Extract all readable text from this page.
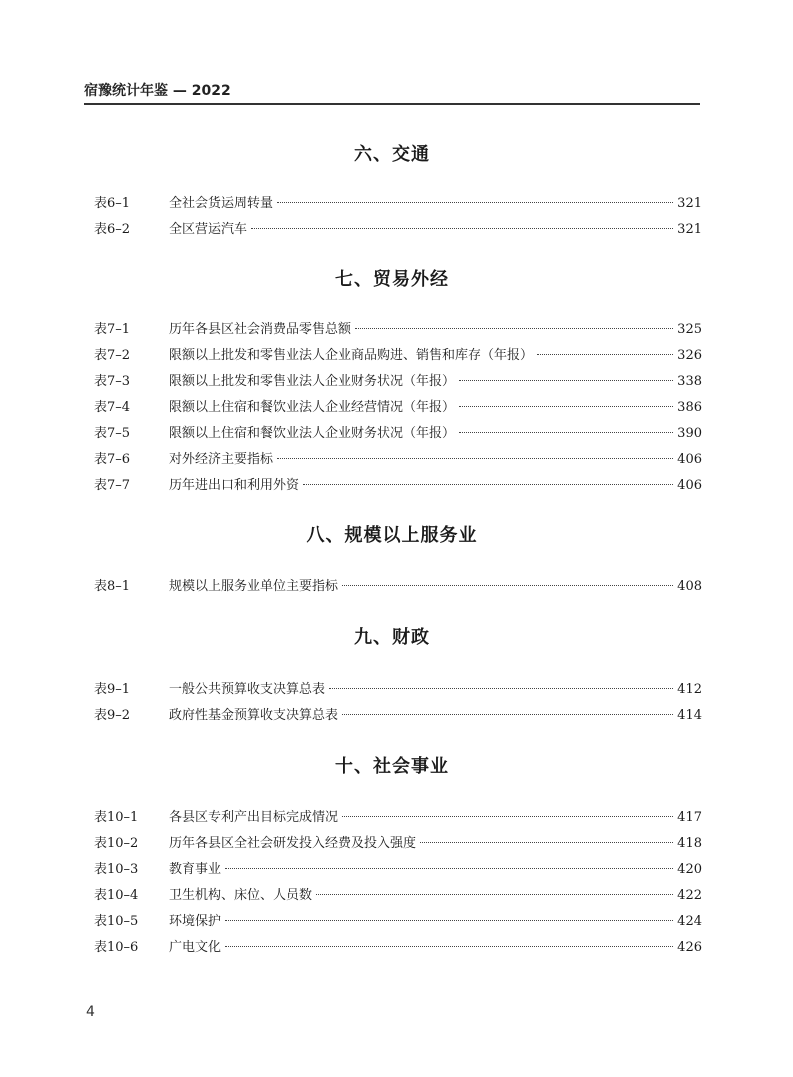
宿豫统计年鉴 — 2022
六、交通
表6–1	全社会货运周转量	321
表6–2	全区营运汽车	321
七、贸易外经
表7–1	历年各县区社会消费品零售总额	325
表7–2	限额以上批发和零售业法人企业商品购进、销售和库存（年报）	326
表7–3	限额以上批发和零售业法人企业财务状况（年报）	338
表7–4	限额以上住宿和餐饮业法人企业经营情况（年报）	386
表7–5	限额以上住宿和餐饮业法人企业财务状况（年报）	390
表7–6	对外经济主要指标	406
表7–7	历年进出口和利用外资	406
八、规模以上服务业
表8–1	规模以上服务业单位主要指标	408
九、财政
表9–1	一般公共预算收支决算总表	412
表9–2	政府性基金预算收支决算总表	414
十、社会事业
表10–1	各县区专利产出目标完成情况	417
表10–2	历年各县区全社会研发投入经费及投入强度	418
表10–3	教育事业	420
表10–4	卫生机构、床位、人员数	422
表10–5	环境保护	424
表10–6	广电文化	426
4
